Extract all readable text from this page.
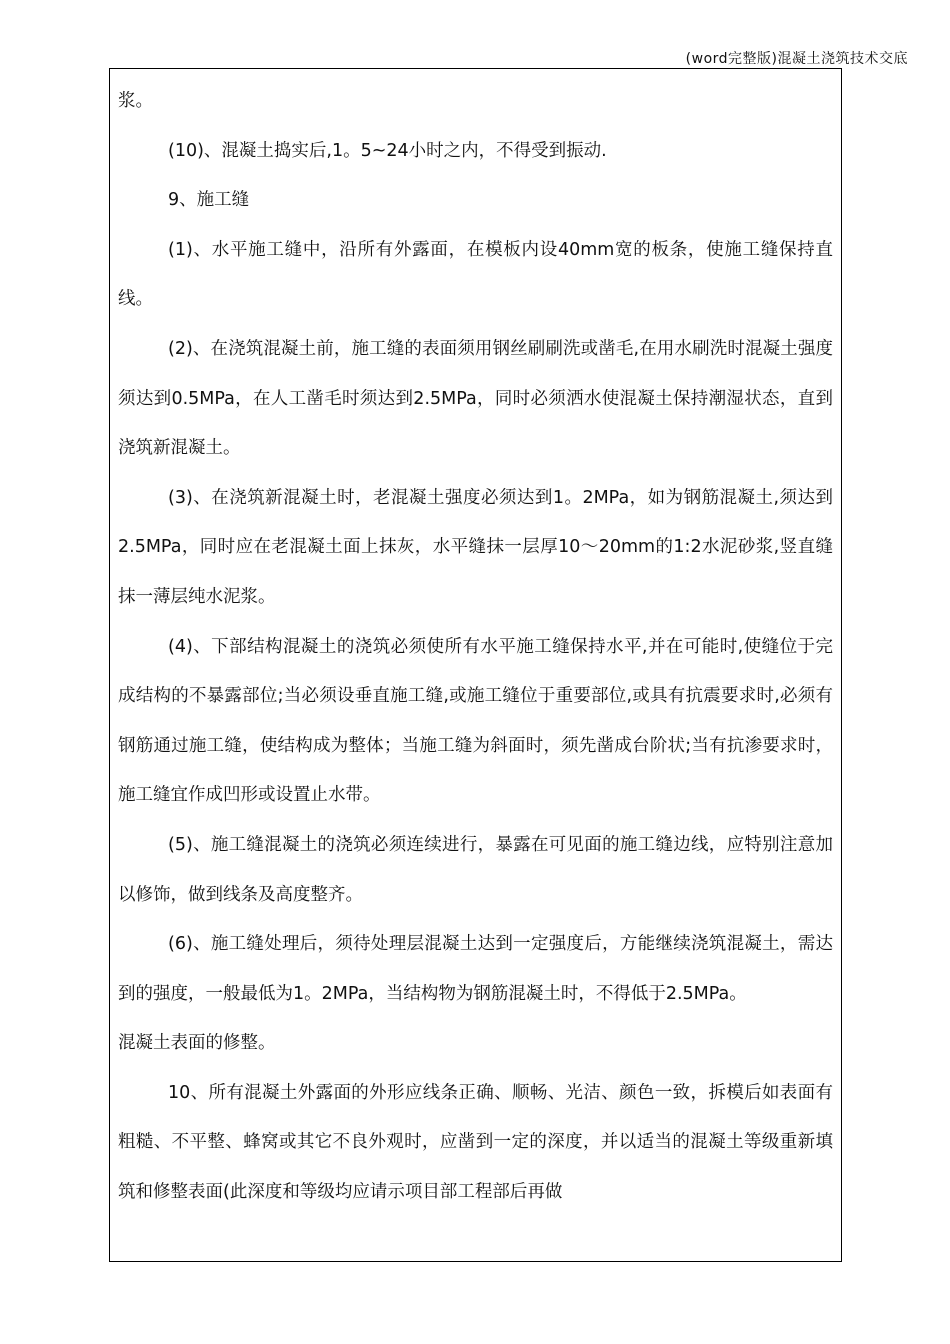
(word完整版)混凝土浇筑技术交底

浆。

(10)、混凝土捣实后,1。5~24小时之内，不得受到振动.

9、施工缝

(1)、水平施工缝中，沿所有外露面，在模板内设40mm宽的板条，使施工缝保持直线。

(2)、在浇筑混凝土前，施工缝的表面须用钢丝刷刷洗或凿毛,在用水刷洗时混凝土强度须达到0.5MPa，在人工凿毛时须达到2.5MPa，同时必须洒水使混凝土保持潮湿状态，直到浇筑新混凝土。

(3)、在浇筑新混凝土时，老混凝土强度必须达到1。2MPa，如为钢筋混凝土,须达到2.5MPa，同时应在老混凝土面上抹灰，水平缝抹一层厚10～20mm的1:2水泥砂浆,竖直缝抹一薄层纯水泥浆。

(4)、下部结构混凝土的浇筑必须使所有水平施工缝保持水平,并在可能时,使缝位于完成结构的不暴露部位;当必须设垂直施工缝,或施工缝位于重要部位,或具有抗震要求时,必须有钢筋通过施工缝，使结构成为整体；当施工缝为斜面时，须先凿成台阶状;当有抗渗要求时，施工缝宜作成凹形或设置止水带。

(5)、施工缝混凝土的浇筑必须连续进行，暴露在可见面的施工缝边线，应特别注意加以修饰，做到线条及高度整齐。

(6)、施工缝处理后，须待处理层混凝土达到一定强度后，方能继续浇筑混凝土，需达到的强度，一般最低为1。2MPa，当结构物为钢筋混凝土时，不得低于2.5MPa。

混凝土表面的修整。

10、所有混凝土外露面的外形应线条正确、顺畅、光洁、颜色一致，拆模后如表面有粗糙、不平整、蜂窝或其它不良外观时，应凿到一定的深度，并以适当的混凝土等级重新填筑和修整表面(此深度和等级均应请示项目部工程部后再做
